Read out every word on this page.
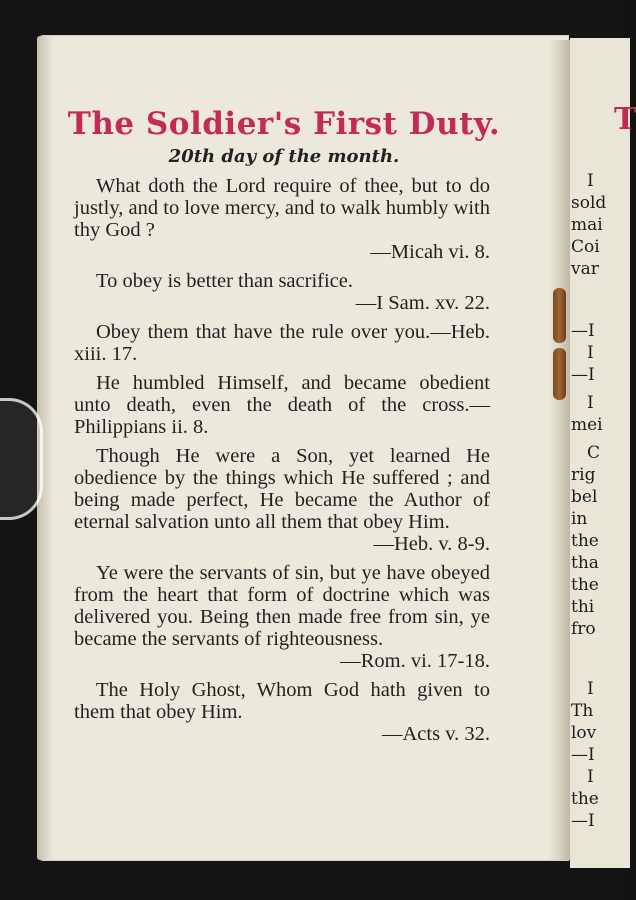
T
I
sold
mai
Coi
var
—I
I
—I
I
mei
C
rig
bel
in
the
tha
the
thi
fro
I
Th
lov
—I
I
the
—I
The Soldier's First Duty.
20th day of the month.

What doth the Lord require of thee, but to do justly, and to love mercy, and to walk humbly with thy God ?
—Micah vi. 8.

To obey is better than sacrifice.
—I Sam. xv. 22.

Obey them that have the rule over you.—Heb. xiii. 17.

He humbled Himself, and became obedient unto death, even the death of the cross.—Philippians ii. 8.

Though He were a Son, yet learned He obedience by the things which He suffered ; and being made perfect, He became the Author of eternal salvation unto all them that obey Him.
—Heb. v. 8-9.

Ye were the servants of sin, but ye have obeyed from the heart that form of doctrine which was delivered you. Being then made free from sin, ye became the servants of righteousness.
—Rom. vi. 17-18.

The Holy Ghost, Whom God hath given to them that obey Him.
—Acts v. 32.
